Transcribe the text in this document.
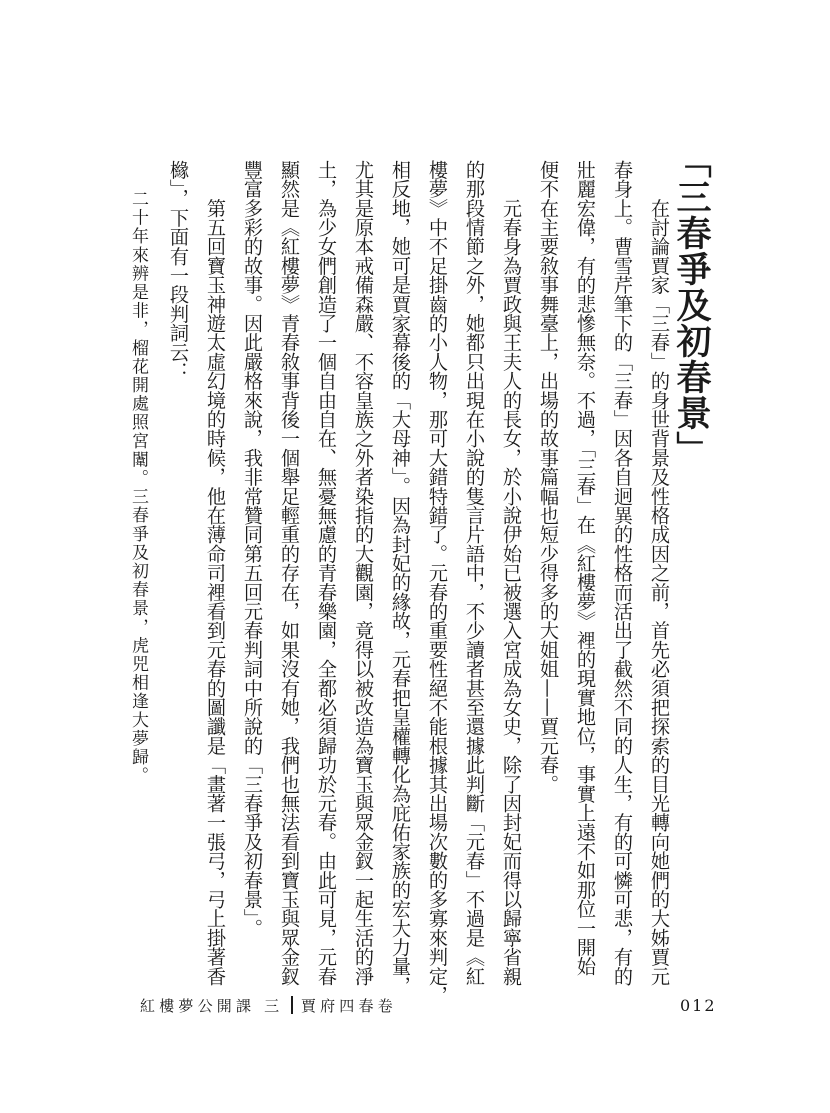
「三春爭及初春景」

　　在討論賈家「三春」的身世背景及性格成因之前，首先必須把探索的目光轉向她們的大姊賈元

春身上。曹雪芹筆下的「三春」因各自迥異的性格而活出了截然不同的人生，有的可憐可悲，有的

壯麗宏偉，有的悲慘無奈。不過，「三春」在《紅樓夢》裡的現實地位，事實上遠不如那位一開始

便不在主要敘事舞臺上，出場的故事篇幅也短少得多的大姐姐——賈元春。

　　元春身為賈政與王夫人的長女，於小說伊始已被選入宮成為女史，除了因封妃而得以歸寧省親

的那段情節之外，她都只出現在小說的隻言片語中，不少讀者甚至還據此判斷「元春」不過是《紅

樓夢》中不足掛齒的小人物，那可大錯特錯了。元春的重要性絕不能根據其出場次數的多寡來判定，

相反地，她可是賈家幕後的「大母神」。因為封妃的緣故，元春把皇權轉化為庇佑家族的宏大力量，

尤其是原本戒備森嚴、不容皇族之外者染指的大觀園，竟得以被改造為寶玉與眾金釵一起生活的淨

土，為少女們創造了一個自由自在、無憂無慮的青春樂園，全都必須歸功於元春。由此可見，元春

顯然是《紅樓夢》青春敘事背後一個舉足輕重的存在，如果沒有她，我們也無法看到寶玉與眾金釵

豐富多彩的故事。因此嚴格來說，我非常贊同第五回元春判詞中所說的「三春爭及初春景」。

　　第五回寶玉神遊太虛幻境的時候，他在薄命司裡看到元春的圖讖是「畫著一張弓，弓上掛著香

櫞」，下面有一段判詞云：

二十年來辨是非，榴花開處照宮闈。三春爭及初春景，虎兕相逢大夢歸。
紅樓夢公開課 三 賈府四春卷	012
